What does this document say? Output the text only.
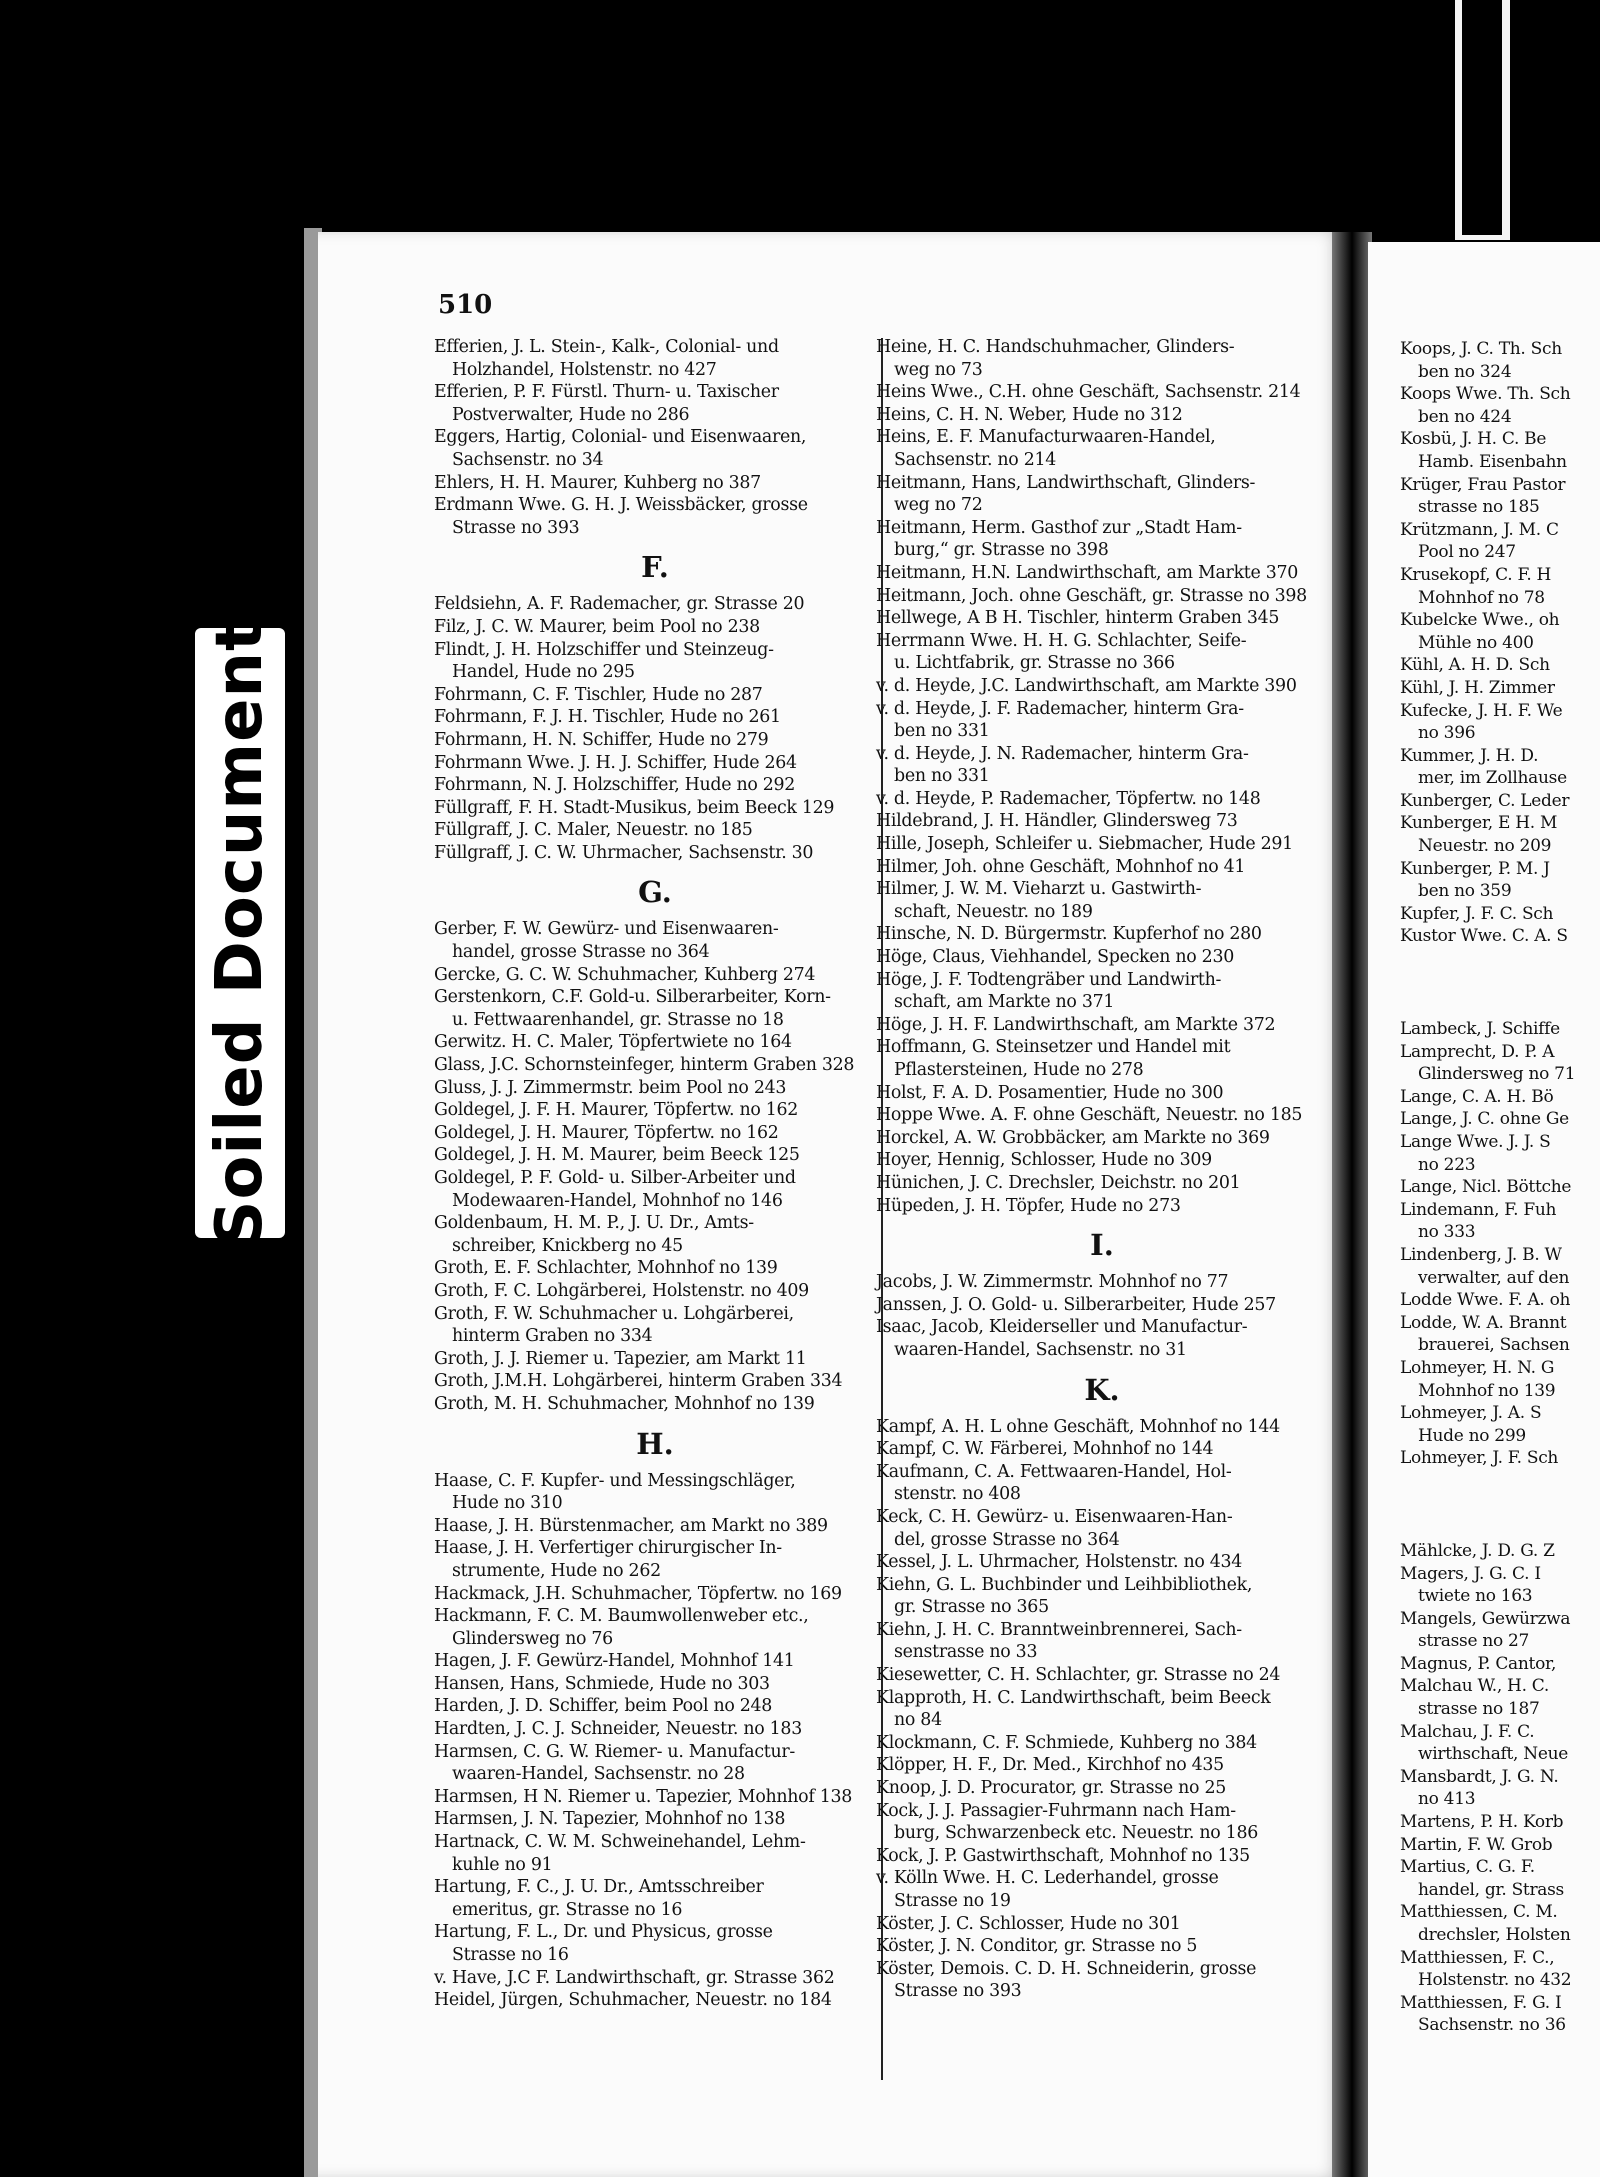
Soiled Document
510
Efferien, J. L. Stein-, Kalk-, Colonial- und
Holzhandel, Holstenstr. no 427
Efferien, P. F. Fürstl. Thurn- u. Taxischer
Postverwalter, Hude no 286
Eggers, Hartig, Colonial- und Eisenwaaren,
Sachsenstr. no 34
Ehlers, H. H. Maurer, Kuhberg no 387
Erdmann Wwe. G. H. J. Weissbäcker, grosse
Strasse no 393
F.
Feldsiehn, A. F. Rademacher, gr. Strasse 20
Filz, J. C. W. Maurer, beim Pool no 238
Flindt, J. H. Holzschiffer und Steinzeug-
Handel, Hude no 295
Fohrmann, C. F. Tischler, Hude no 287
Fohrmann, F. J. H. Tischler, Hude no 261
Fohrmann, H. N. Schiffer, Hude no 279
Fohrmann Wwe. J. H. J. Schiffer, Hude 264
Fohrmann, N. J. Holzschiffer, Hude no 292
Füllgraff, F. H. Stadt-Musikus, beim Beeck 129
Füllgraff, J. C. Maler, Neuestr. no 185
Füllgraff, J. C. W. Uhrmacher, Sachsenstr. 30
G.
Gerber, F. W. Gewürz- und Eisenwaaren-
handel, grosse Strasse no 364
Gercke, G. C. W. Schuhmacher, Kuhberg 274
Gerstenkorn, C.F. Gold-u. Silberarbeiter, Korn-
u. Fettwaarenhandel, gr. Strasse no 18
Gerwitz. H. C. Maler, Töpfertwiete no 164
Glass, J.C. Schornsteinfeger, hinterm Graben 328
Gluss, J. J. Zimmermstr. beim Pool no 243
Goldegel, J. F. H. Maurer, Töpfertw. no 162
Goldegel, J. H. Maurer, Töpfertw. no 162
Goldegel, J. H. M. Maurer, beim Beeck 125
Goldegel, P. F. Gold- u. Silber-Arbeiter und
Modewaaren-Handel, Mohnhof no 146
Goldenbaum, H. M. P., J. U. Dr., Amts-
schreiber, Knickberg no 45
Groth, E. F. Schlachter, Mohnhof no 139
Groth, F. C. Lohgärberei, Holstenstr. no 409
Groth, F. W. Schuhmacher u. Lohgärberei,
hinterm Graben no 334
Groth, J. J. Riemer u. Tapezier, am Markt 11
Groth, J.M.H. Lohgärberei, hinterm Graben 334
Groth, M. H. Schuhmacher, Mohnhof no 139
H.
Haase, C. F. Kupfer- und Messingschläger,
Hude no 310
Haase, J. H. Bürstenmacher, am Markt no 389
Haase, J. H. Verfertiger chirurgischer In-
strumente, Hude no 262
Hackmack, J.H. Schuhmacher, Töpfertw. no 169
Hackmann, F. C. M. Baumwollenweber etc.,
Glindersweg no 76
Hagen, J. F. Gewürz-Handel, Mohnhof 141
Hansen, Hans, Schmiede, Hude no 303
Harden, J. D. Schiffer, beim Pool no 248
Hardten, J. C. J. Schneider, Neuestr. no 183
Harmsen, C. G. W. Riemer- u. Manufactur-
waaren-Handel, Sachsenstr. no 28
Harmsen, H N. Riemer u. Tapezier, Mohnhof 138
Harmsen, J. N. Tapezier, Mohnhof no 138
Hartnack, C. W. M. Schweinehandel, Lehm-
kuhle no 91
Hartung, F. C., J. U. Dr., Amtsschreiber
emeritus, gr. Strasse no 16
Hartung, F. L., Dr. und Physicus, grosse
Strasse no 16
v. Have, J.C F. Landwirthschaft, gr. Strasse 362
Heidel, Jürgen, Schuhmacher, Neuestr. no 184
Heine, H. C. Handschuhmacher, Glinders-
weg no 73
Heins Wwe., C.H. ohne Geschäft, Sachsenstr. 214
Heins, C. H. N. Weber, Hude no 312
Heins, E. F. Manufacturwaaren-Handel,
Sachsenstr. no 214
Heitmann, Hans, Landwirthschaft, Glinders-
weg no 72
Heitmann, Herm. Gasthof zur „Stadt Ham-
burg,“ gr. Strasse no 398
Heitmann, H.N. Landwirthschaft, am Markte 370
Heitmann, Joch. ohne Geschäft, gr. Strasse no 398
Hellwege, A B H. Tischler, hinterm Graben 345
Herrmann Wwe. H. H. G. Schlachter, Seife-
u. Lichtfabrik, gr. Strasse no 366
v. d. Heyde, J.C. Landwirthschaft, am Markte 390
v. d. Heyde, J. F. Rademacher, hinterm Gra-
ben no 331
v. d. Heyde, J. N. Rademacher, hinterm Gra-
ben no 331
v. d. Heyde, P. Rademacher, Töpfertw. no 148
Hildebrand, J. H. Händler, Glindersweg 73
Hille, Joseph, Schleifer u. Siebmacher, Hude 291
Hilmer, Joh. ohne Geschäft, Mohnhof no 41
Hilmer, J. W. M. Vieharzt u. Gastwirth-
schaft, Neuestr. no 189
Hinsche, N. D. Bürgermstr. Kupferhof no 280
Höge, Claus, Viehhandel, Specken no 230
Höge, J. F. Todtengräber und Landwirth-
schaft, am Markte no 371
Höge, J. H. F. Landwirthschaft, am Markte 372
Hoffmann, G. Steinsetzer und Handel mit
Pflastersteinen, Hude no 278
Holst, F. A. D. Posamentier, Hude no 300
Hoppe Wwe. A. F. ohne Geschäft, Neuestr. no 185
Horckel, A. W. Grobbäcker, am Markte no 369
Hoyer, Hennig, Schlosser, Hude no 309
Hünichen, J. C. Drechsler, Deichstr. no 201
Hüpeden, J. H. Töpfer, Hude no 273
I.
Jacobs, J. W. Zimmermstr. Mohnhof no 77
Janssen, J. O. Gold- u. Silberarbeiter, Hude 257
Isaac, Jacob, Kleiderseller und Manufactur-
waaren-Handel, Sachsenstr. no 31
K.
Kampf, A. H. L ohne Geschäft, Mohnhof no 144
Kampf, C. W. Färberei, Mohnhof no 144
Kaufmann, C. A. Fettwaaren-Handel, Hol-
stenstr. no 408
Keck, C. H. Gewürz- u. Eisenwaaren-Han-
del, grosse Strasse no 364
Kessel, J. L. Uhrmacher, Holstenstr. no 434
Kiehn, G. L. Buchbinder und Leihbibliothek,
gr. Strasse no 365
Kiehn, J. H. C. Branntweinbrennerei, Sach-
senstrasse no 33
Kiesewetter, C. H. Schlachter, gr. Strasse no 24
Klapproth, H. C. Landwirthschaft, beim Beeck
no 84
Klockmann, C. F. Schmiede, Kuhberg no 384
Klöpper, H. F., Dr. Med., Kirchhof no 435
Knoop, J. D. Procurator, gr. Strasse no 25
Kock, J. J. Passagier-Fuhrmann nach Ham-
burg, Schwarzenbeck etc. Neuestr. no 186
Kock, J. P. Gastwirthschaft, Mohnhof no 135
v. Kölln Wwe. H. C. Lederhandel, grosse
Strasse no 19
Köster, J. C. Schlosser, Hude no 301
Köster, J. N. Conditor, gr. Strasse no 5
Köster, Demois. C. D. H. Schneiderin, grosse
Strasse no 393
Koops, J. C. Th. Sch
ben no 324
Koops Wwe. Th. Sch
ben no 424
Kosbü, J. H. C. Be
Hamb. Eisenbahn
Krüger, Frau Pastor
strasse no 185
Krützmann, J. M. C
Pool no 247
Krusekopf, C. F. H
Mohnhof no 78
Kubelcke Wwe., oh
Mühle no 400
Kühl, A. H. D. Sch
Kühl, J. H. Zimmer
Kufecke, J. H. F. We
no 396
Kummer, J. H. D.
mer, im Zollhause
Kunberger, C. Leder
Kunberger, E H. M
Neuestr. no 209
Kunberger, P. M. J
ben no 359
Kupfer, J. F. C. Sch
Kustor Wwe. C. A. S
Lambeck, J. Schiffe
Lamprecht, D. P. A
Glindersweg no 71
Lange, C. A. H. Bö
Lange, J. C. ohne Ge
Lange Wwe. J. J. S
no 223
Lange, Nicl. Böttche
Lindemann, F. Fuh
no 333
Lindenberg, J. B. W
verwalter, auf den
Lodde Wwe. F. A. oh
Lodde, W. A. Brannt
brauerei, Sachsen
Lohmeyer, H. N. G
Mohnhof no 139
Lohmeyer, J. A. S
Hude no 299
Lohmeyer, J. F. Sch
Mählcke, J. D. G. Z
Magers, J. G. C. I
twiete no 163
Mangels, Gewürzwa
strasse no 27
Magnus, P. Cantor,
Malchau W., H. C.
strasse no 187
Malchau, J. F. C.
wirthschaft, Neue
Mansbardt, J. G. N.
no 413
Martens, P. H. Korb
Martin, F. W. Grob
Martius, C. G. F.
handel, gr. Strass
Matthiessen, C. M.
drechsler, Holsten
Matthiessen, F. C.,
Holstenstr. no 432
Matthiessen, F. G. I
Sachsenstr. no 36
